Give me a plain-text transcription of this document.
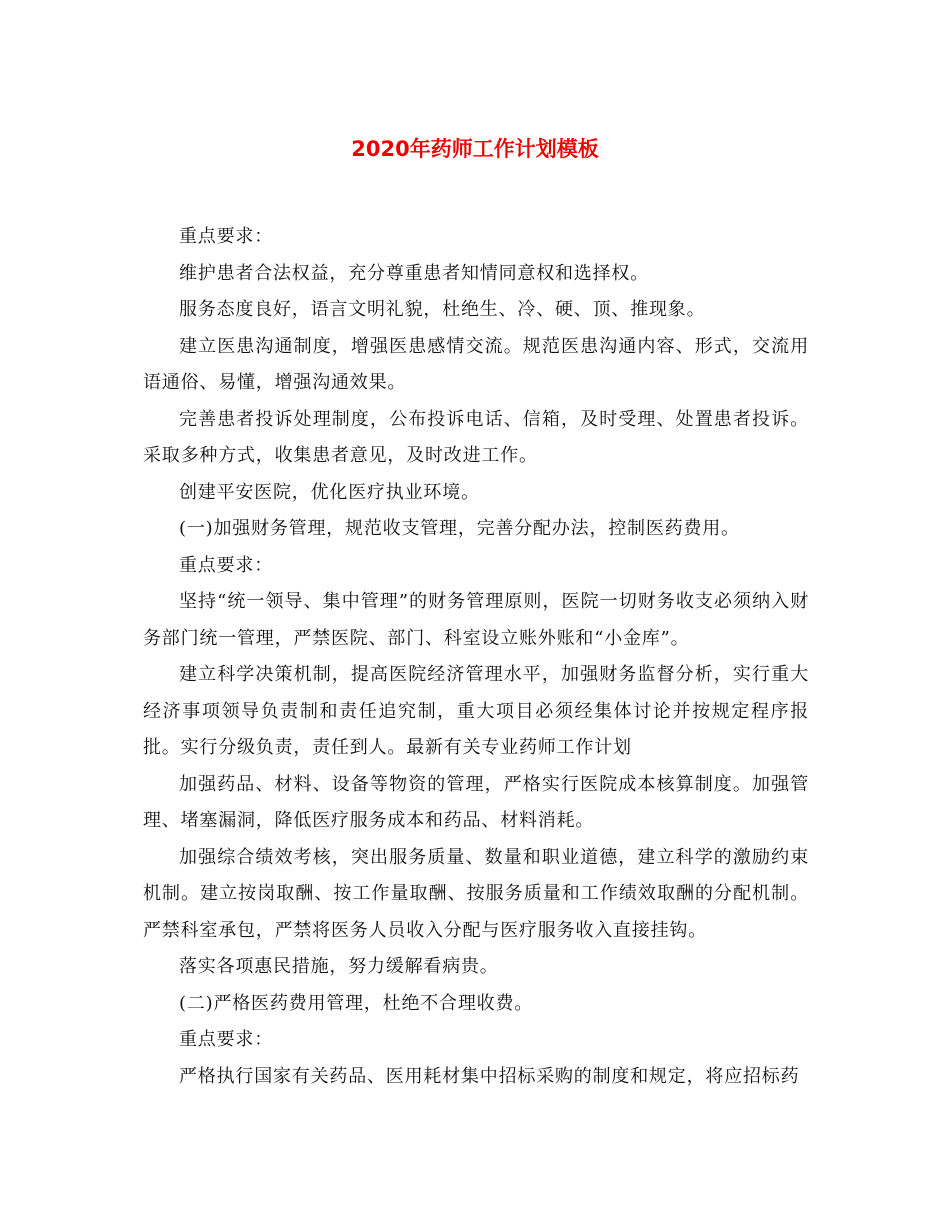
2020年药师工作计划模板

重点要求：

维护患者合法权益，充分尊重患者知情同意权和选择权。

服务态度良好，语言文明礼貌，杜绝生、冷、硬、顶、推现象。

建立医患沟通制度，增强医患感情交流。规范医患沟通内容、形式，交流用语通俗、易懂，增强沟通效果。

完善患者投诉处理制度，公布投诉电话、信箱，及时受理、处置患者投诉。采取多种方式，收集患者意见，及时改进工作。

创建平安医院，优化医疗执业环境。

(一)加强财务管理，规范收支管理，完善分配办法，控制医药费用。

重点要求：

坚持“统一领导、集中管理”的财务管理原则，医院一切财务收支必须纳入财务部门统一管理，严禁医院、部门、科室设立账外账和“小金库”。

建立科学决策机制，提高医院经济管理水平，加强财务监督分析，实行重大经济事项领导负责制和责任追究制，重大项目必须经集体讨论并按规定程序报批。实行分级负责，责任到人。最新有关专业药师工作计划

加强药品、材料、设备等物资的管理，严格实行医院成本核算制度。加强管理、堵塞漏洞，降低医疗服务成本和药品、材料消耗。

加强综合绩效考核，突出服务质量、数量和职业道德，建立科学的激励约束机制。建立按岗取酬、按工作量取酬、按服务质量和工作绩效取酬的分配机制。严禁科室承包，严禁将医务人员收入分配与医疗服务收入直接挂钩。

落实各项惠民措施，努力缓解看病贵。

(二)严格医药费用管理，杜绝不合理收费。

重点要求：

严格执行国家有关药品、医用耗材集中招标采购的制度和规定，将应招标药
